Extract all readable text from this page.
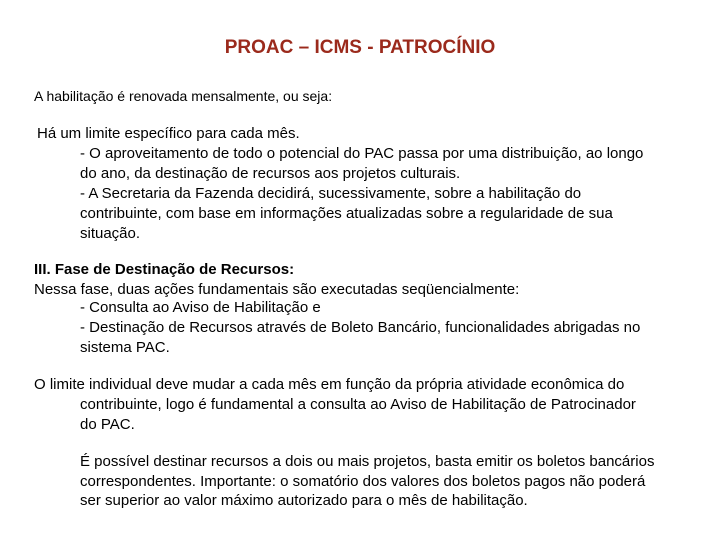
PROAC – ICMS - PATROCÍNIO
A habilitação é renovada mensalmente, ou seja:
Há um limite específico para cada mês.
- O aproveitamento de todo o potencial do PAC passa por uma distribuição, ao longo
do ano, da destinação de recursos aos projetos culturais.
- A Secretaria da Fazenda decidirá, sucessivamente, sobre a habilitação do
contribuinte, com base em informações atualizadas sobre a regularidade de sua
situação.
III. Fase de Destinação de Recursos:
Nessa fase, duas ações fundamentais são executadas seqüencialmente:
- Consulta ao Aviso de Habilitação e
- Destinação de Recursos através de Boleto Bancário, funcionalidades abrigadas no
sistema PAC.
O limite individual deve mudar a cada mês em função da própria atividade econômica do
contribuinte, logo é fundamental a consulta ao Aviso de Habilitação de Patrocinador
do PAC.
É possível destinar recursos a dois ou mais projetos, basta emitir os boletos bancários
correspondentes. Importante: o somatório dos valores dos boletos pagos não poderá
ser superior ao valor máximo autorizado para o mês de habilitação.
